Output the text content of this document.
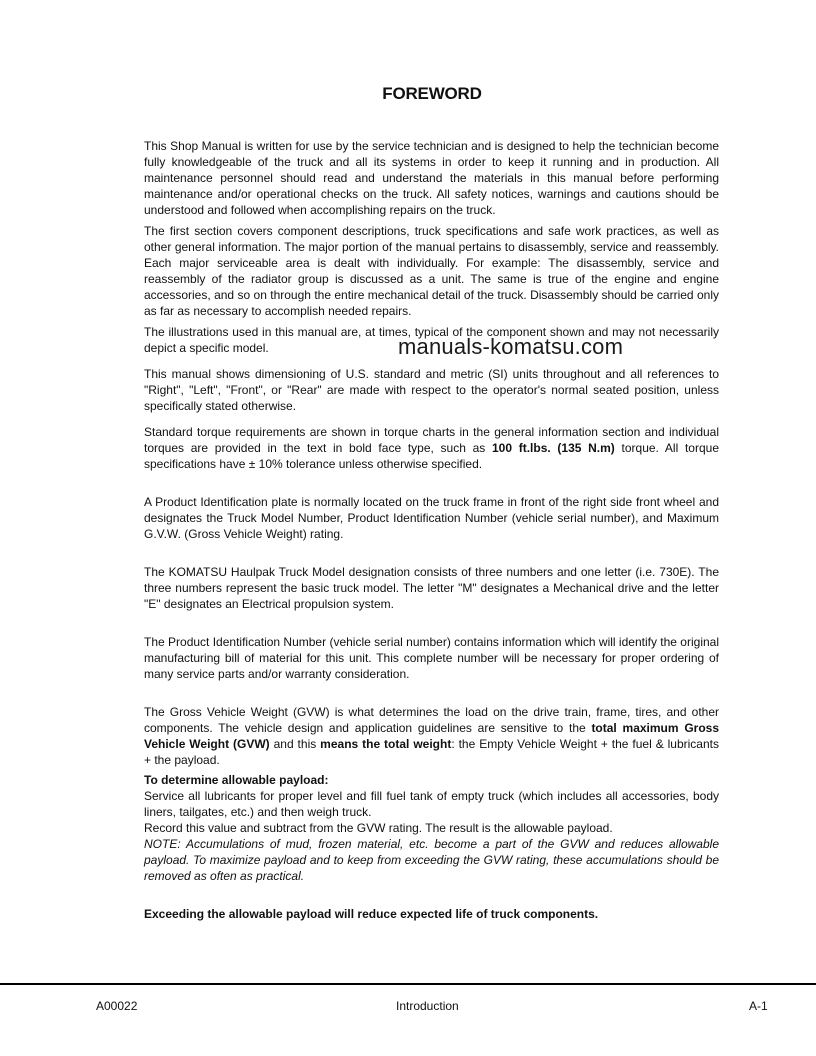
FOREWORD

This Shop Manual is written for use by the service technician and is designed to help the technician become fully knowledgeable of the truck and all its systems in order to keep it running and in production. All maintenance personnel should read and understand the materials in this manual before performing maintenance and/or operational checks on the truck. All safety notices, warnings and cautions should be understood and followed when accomplishing repairs on the truck.

The first section covers component descriptions, truck specifications and safe work practices, as well as other general information. The major portion of the manual pertains to disassembly, service and reassembly. Each major serviceable area is dealt with individually. For example: The disassembly, service and reassembly of the radiator group is discussed as a unit. The same is true of the engine and engine accessories, and so on through the entire mechanical detail of the truck. Disassembly should be carried only as far as necessary to accomplish needed repairs.

The illustrations used in this manual are, at times, typical of the component shown and may not necessarily depict a specific model.

This manual shows dimensioning of U.S. standard and metric (SI) units throughout and all references to "Right", "Left", "Front", or "Rear" are made with respect to the operator's normal seated position, unless specifically stated otherwise.

Standard torque requirements are shown in torque charts in the general information section and individual torques are provided in the text in bold face type, such as 100 ft.lbs. (135 N.m) torque. All torque specifications have ± 10% tolerance unless otherwise specified.

A Product Identification plate is normally located on the truck frame in front of the right side front wheel and designates the Truck Model Number, Product Identification Number (vehicle serial number), and Maximum G.V.W. (Gross Vehicle Weight) rating.

The KOMATSU Haulpak Truck Model designation consists of three numbers and one letter (i.e. 730E). The three numbers represent the basic truck model. The letter "M" designates a Mechanical drive and the letter "E" designates an Electrical propulsion system.

The Product Identification Number (vehicle serial number) contains information which will identify the original manufacturing bill of material for this unit. This complete number will be necessary for proper ordering of many service parts and/or warranty consideration.

The Gross Vehicle Weight (GVW) is what determines the load on the drive train, frame, tires, and other components. The vehicle design and application guidelines are sensitive to the total maximum Gross Vehicle Weight (GVW) and this means the total weight: the Empty Vehicle Weight + the fuel & lubricants + the payload.

To determine allowable payload:
Service all lubricants for proper level and fill fuel tank of empty truck (which includes all accessories, body liners, tailgates, etc.) and then weigh truck.
Record this value and subtract from the GVW rating. The result is the allowable payload.
NOTE: Accumulations of mud, frozen material, etc. become a part of the GVW and reduces allowable payload. To maximize payload and to keep from exceeding the GVW rating, these accumulations should be removed as often as practical.

Exceeding the allowable payload will reduce expected life of truck components.

manuals-komatsu.com
A00022	Introduction	A-1
